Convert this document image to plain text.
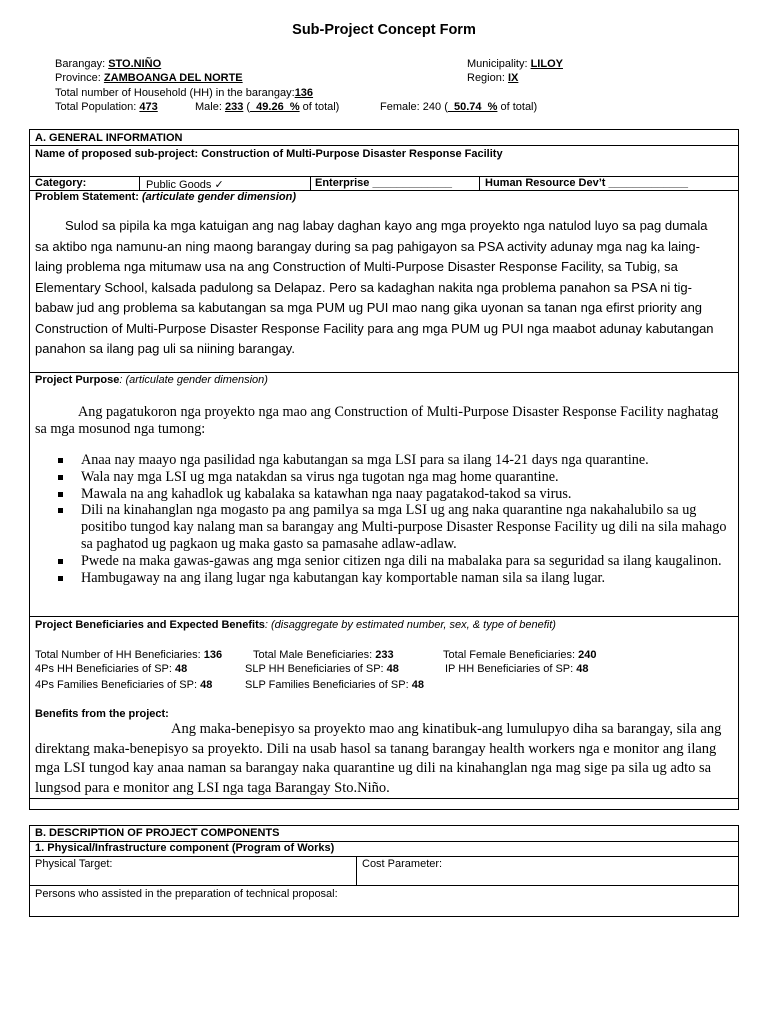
Sub-Project Concept Form
Barangay: STO.NIÑO	Municipality: LILOY
Province: ZAMBOANGA DEL NORTE	Region: IX
Total number of Household (HH) in the barangay:136
Total Population: 473	Male: 233 (_49.26_% of total)	Female: 240 (_50.74_% of total)
A. GENERAL INFORMATION
Name of proposed sub-project: Construction of Multi-Purpose Disaster Response Facility
Category:	Public Goods ✓	Enterprise _____________	Human Resource Dev’t _____________
Problem Statement: (articulate gender dimension)
Sulod sa pipila ka mga katuigan ang nag labay daghan kayo ang mga proyekto nga natulod luyo sa pag dumala sa aktibo nga namunu-an ning maong barangay during sa pag pahigayon sa PSA activity adunay mga nag ka laing-laing problema nga mitumaw usa na ang Construction of Multi-Purpose Disaster Response Facility, sa Tubig, sa Elementary School, kalsada padulong sa Delapaz. Pero sa kadaghan nakita nga problema panahon sa PSA ni tig-babaw jud ang problema sa kabutangan sa mga PUM ug PUI mao nang gika uyonan sa tanan nga efirst priority ang Construction of Multi-Purpose Disaster Response Facility para ang mga PUM ug PUI nga maabot adunay kabutangan panahon sa ilang pag uli sa niining barangay.
Project Purpose: (articulate gender dimension)
Ang pagatukoron nga proyekto nga mao ang Construction of Multi-Purpose Disaster Response Facility naghatag sa mga mosunod nga tumong:
Anaa nay maayo nga pasilidad nga kabutangan sa mga LSI para sa ilang 14-21 days nga quarantine.
Wala nay mga LSI ug mga natakdan sa virus nga tugotan nga mag home quarantine.
Mawala na ang kahadlok ug kabalaka sa katawhan nga naay pagatakod-takod sa virus.
Dili na kinahanglan nga mogasto pa ang pamilya sa mga LSI ug ang naka quarantine nga nakahalubilo sa ug positibo tungod kay nalang man sa barangay ang Multi-purpose Disaster Response Facility ug dili na sila mahago sa paghatod ug pagkaon ug maka gasto sa pamasahe adlaw-adlaw.
Pwede na maka gawas-gawas ang mga senior citizen nga dili na mabalaka para sa seguridad sa ilang kaugalinon.
Hambugaway na ang ilang lugar nga kabutangan kay komportable naman sila sa ilang lugar.
Project Beneficiaries and Expected Benefits: (disaggregate by estimated number, sex, & type of benefit)
Total Number of HH Beneficiaries: 136	Total Male Beneficiaries: 233	Total Female Beneficiaries: 240
4Ps HH Beneficiaries of SP: 48	SLP HH Beneficiaries of SP: 48	IP HH Beneficiaries of SP: 48
4Ps Families Beneficiaries of SP: 48	SLP Families Beneficiaries of SP: 48
Benefits from the project:
Ang maka-benepisyo sa proyekto mao ang kinatibuk-ang lumulupyo diha sa barangay, sila ang direktang maka-benepisyo sa proyekto. Dili na usab hasol sa tanang barangay health workers nga e monitor ang ilang mga LSI tungod kay anaa naman sa barangay naka quarantine ug dili na kinahanglan nga mag sige pa sila ug adto sa lungsod para e monitor ang LSI nga taga Barangay Sto.Niño.
B. DESCRIPTION OF PROJECT COMPONENTS
1. Physical/Infrastructure component (Program of Works)
Physical Target:	Cost Parameter:
Persons who assisted in the preparation of technical proposal:
